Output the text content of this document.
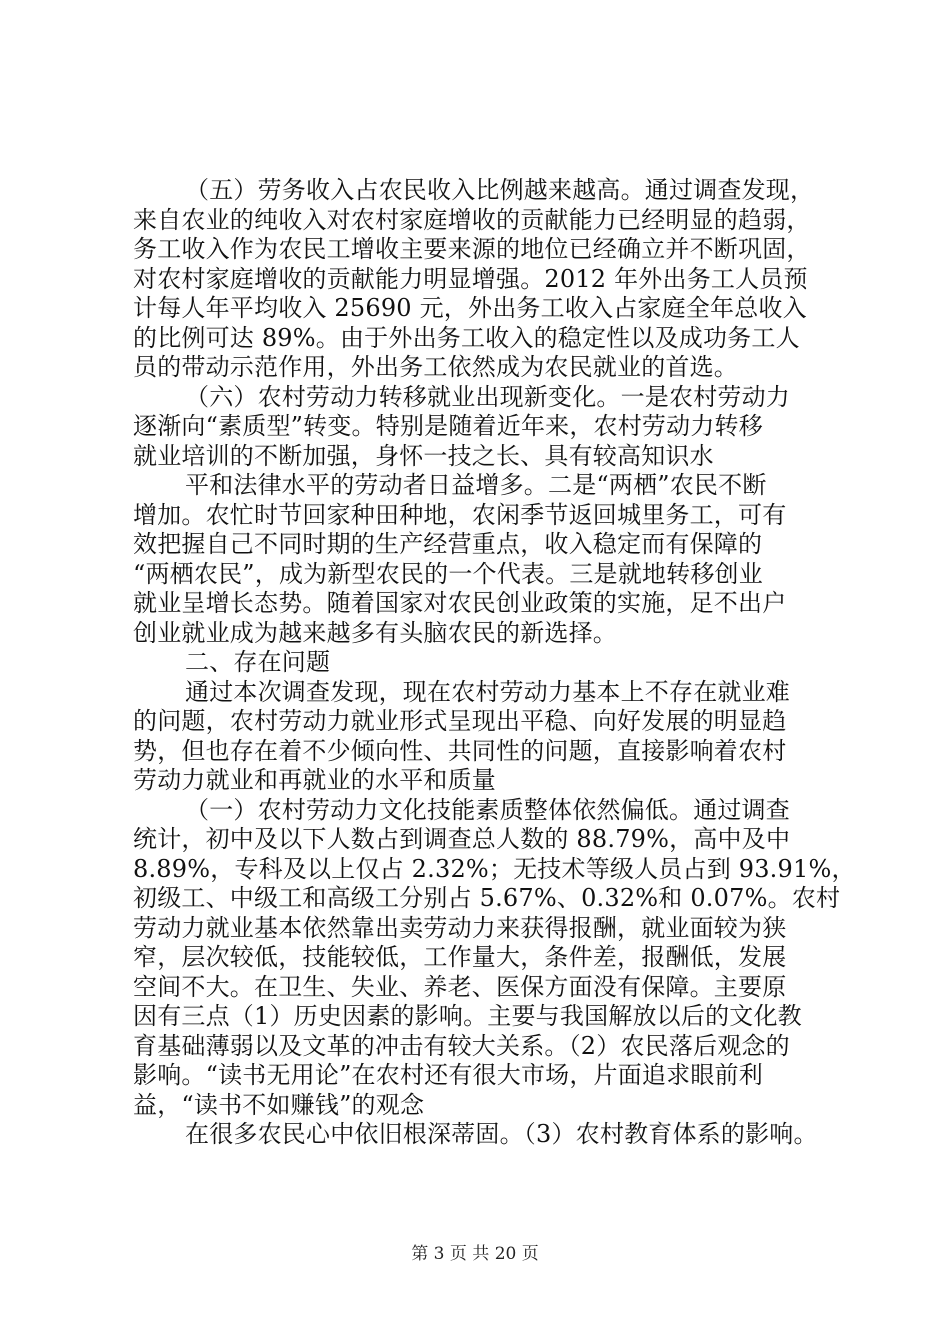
（五）劳务收入占农民收入比例越来越高。通过调查发现，
来自农业的纯收入对农村家庭增收的贡献能力已经明显的趋弱，
务工收入作为农民工增收主要来源的地位已经确立并不断巩固，
对农村家庭增收的贡献能力明显增强。2012 年外出务工人员预
计每人年平均收入 25690 元，外出务工收入占家庭全年总收入
的比例可达 89%。由于外出务工收入的稳定性以及成功务工人
员的带动示范作用，外出务工依然成为农民就业的首选。
（六）农村劳动力转移就业出现新变化。一是农村劳动力
逐渐向“素质型”转变。特别是随着近年来，农村劳动力转移
就业培训的不断加强，身怀一技之长、具有较高知识水
平和法律水平的劳动者日益增多。二是“两栖”农民不断
增加。农忙时节回家种田种地，农闲季节返回城里务工，可有
效把握自己不同时期的生产经营重点，收入稳定而有保障的
“两栖农民”，成为新型农民的一个代表。三是就地转移创业
就业呈增长态势。随着国家对农民创业政策的实施，足不出户
创业就业成为越来越多有头脑农民的新选择。
二、存在问题
通过本次调查发现，现在农村劳动力基本上不存在就业难
的问题，农村劳动力就业形式呈现出平稳、向好发展的明显趋
势，但也存在着不少倾向性、共同性的问题，直接影响着农村
劳动力就业和再就业的水平和质量
（一）农村劳动力文化技能素质整体依然偏低。通过调查
统计，初中及以下人数占到调查总人数的 88.79%，高中及中
8.89%，专科及以上仅占 2.32%；无技术等级人员占到 93.91%，
初级工、中级工和高级工分别占 5.67%、0.32%和 0.07%。农村
劳动力就业基本依然靠出卖劳动力来获得报酬，就业面较为狭
窄，层次较低，技能较低，工作量大，条件差，报酬低，发展
空间不大。在卫生、失业、养老、医保方面没有保障。主要原
因有三点（1）历史因素的影响。主要与我国解放以后的文化教
育基础薄弱以及文革的冲击有较大关系。（2）农民落后观念的
影响。“读书无用论”在农村还有很大市场，片面追求眼前利
益，“读书不如赚钱”的观念
在很多农民心中依旧根深蒂固。（3）农村教育体系的影响。
第 3 页 共 20 页
